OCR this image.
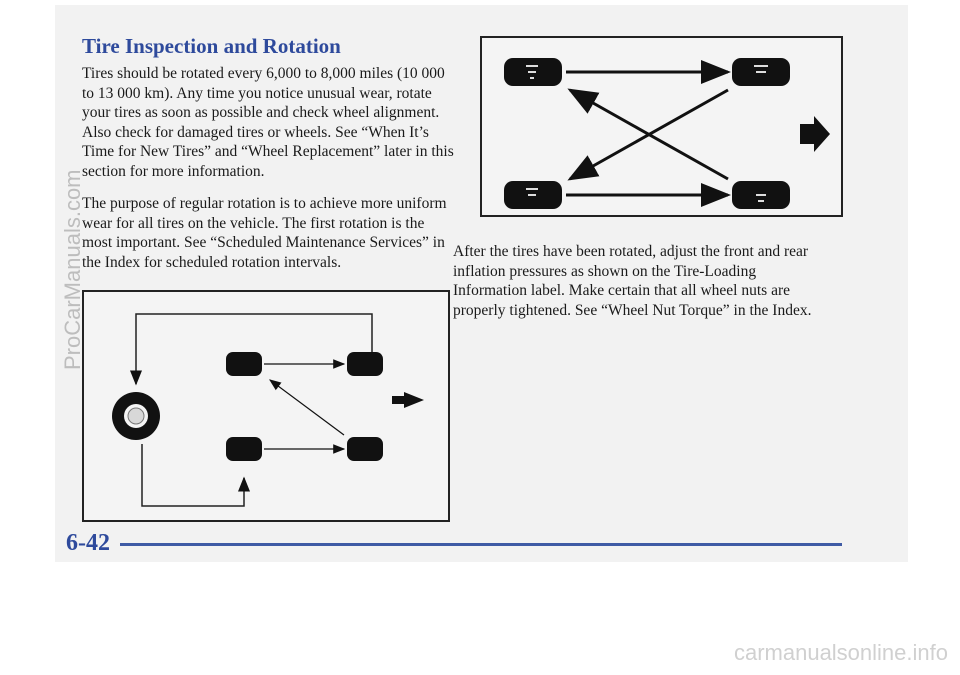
Tire Inspection and Rotation

Tires should be rotated every 6,000 to 8,000 miles (10 000 to 13 000 km). Any time you notice unusual wear, rotate your tires as soon as possible and check wheel alignment. Also check for damaged tires or wheels. See “When It’s Time for New Tires” and “Wheel Replacement” later in this section for more information.

The purpose of regular rotation is to achieve more uniform wear for all tires on the vehicle. The first rotation is the most important. See “Scheduled Maintenance Services” in the Index for scheduled rotation intervals.

After the tires have been rotated, adjust the front and rear inflation pressures as shown on the Tire-Loading Information label. Make certain that all wheel nuts are properly tightened. See “Wheel Nut Torque” in the Index.

6-42
ProCarManuals.com
carmanualsonline.info
